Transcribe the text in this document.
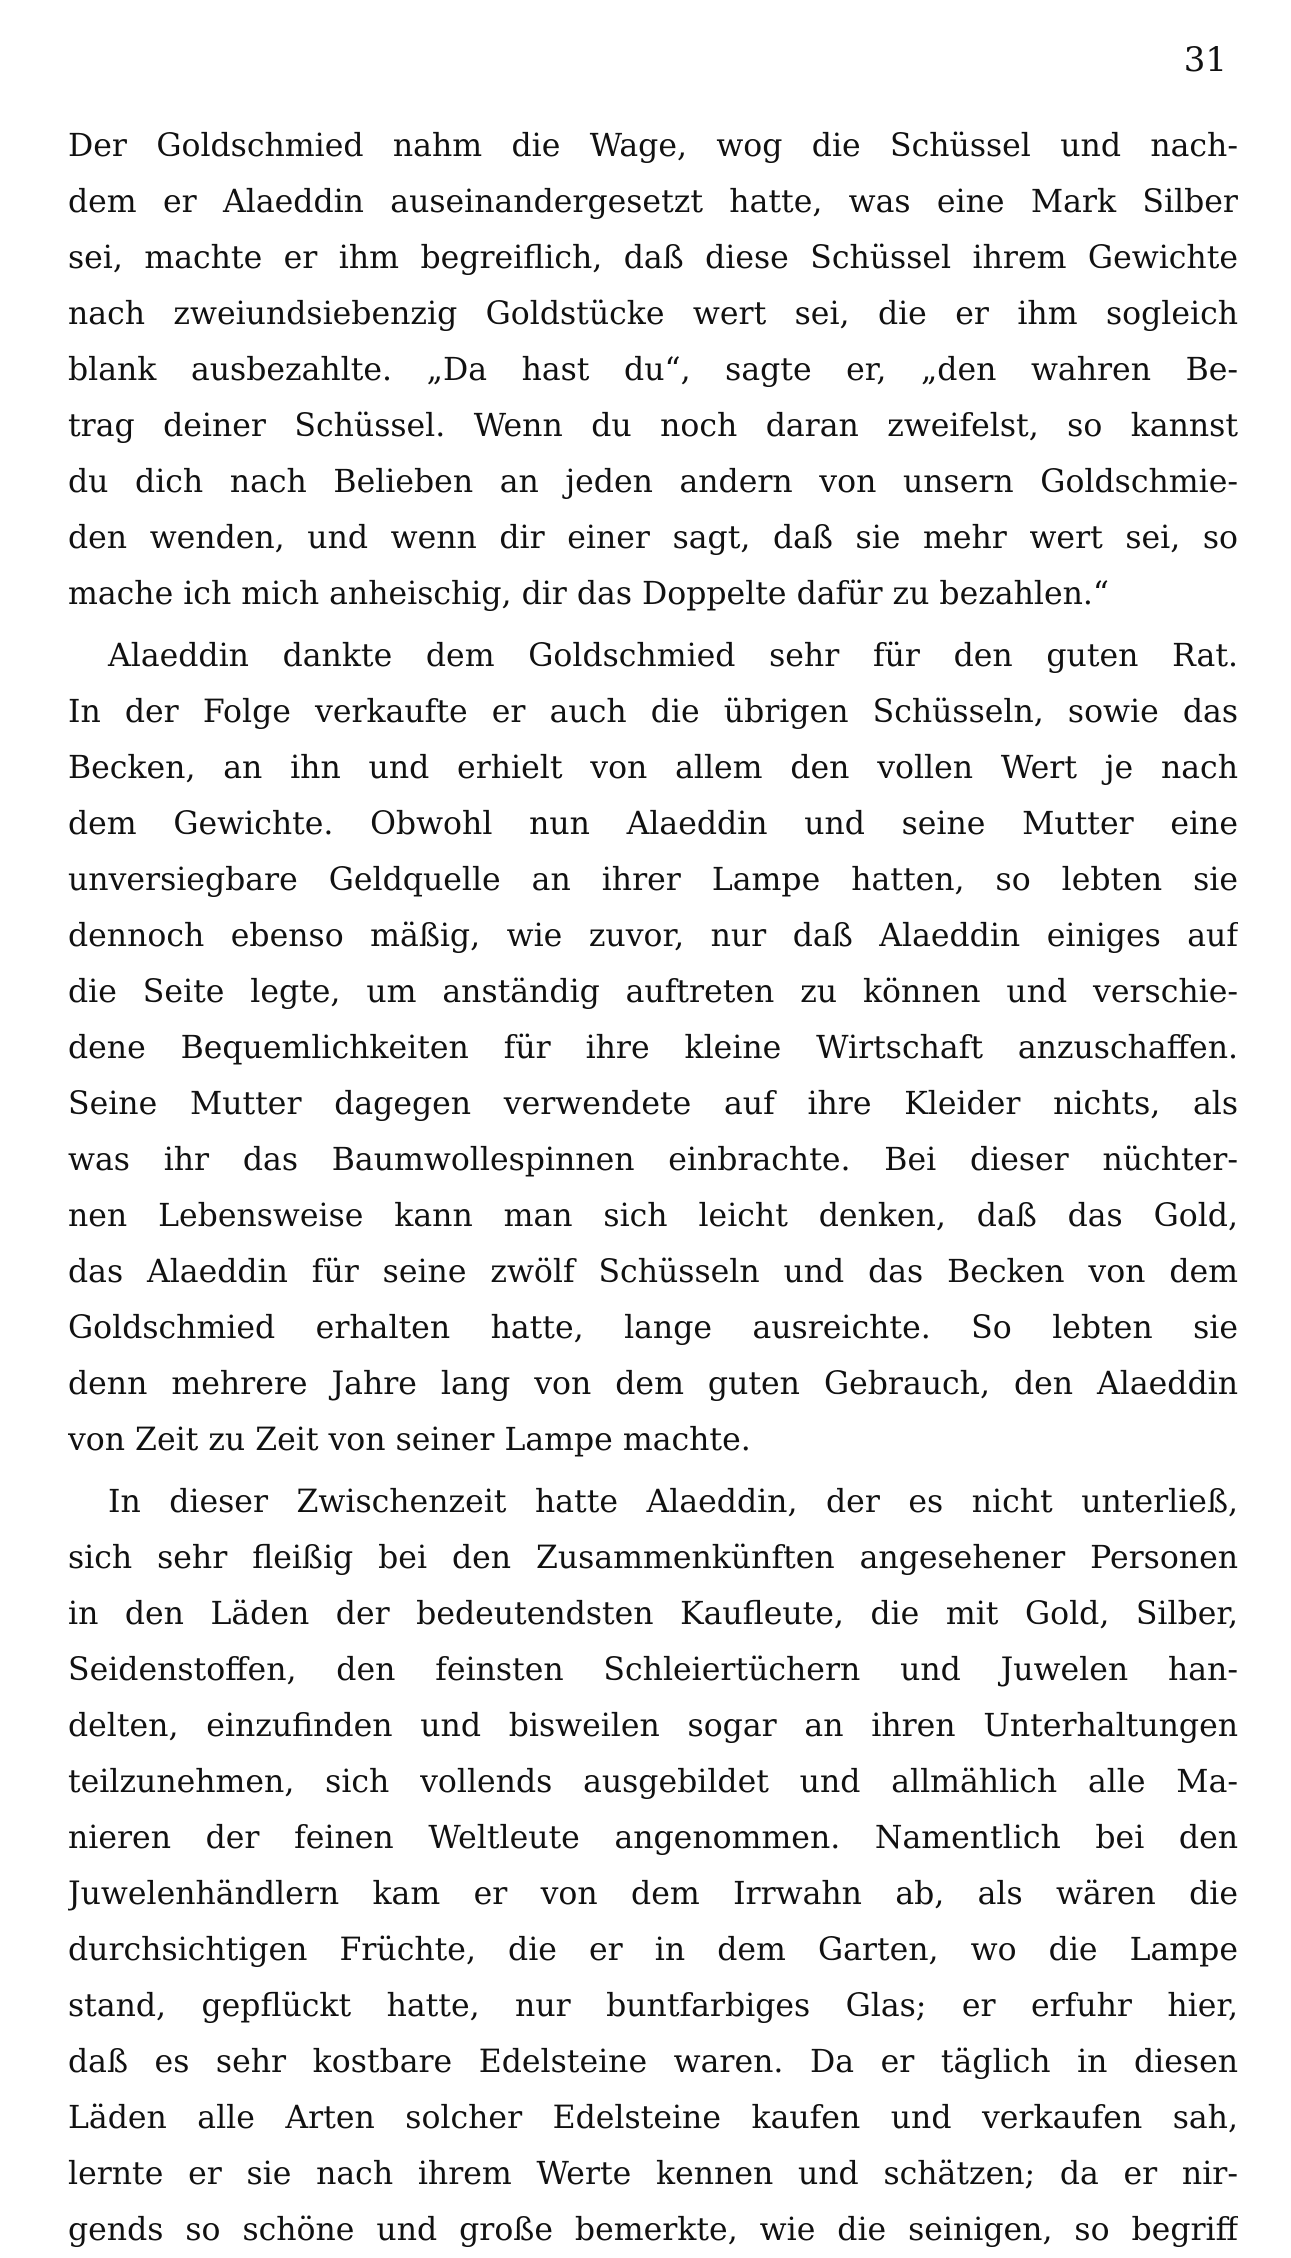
31
Der Goldschmied nahm die Wage, wog die Schüssel und nach-
dem er Alaeddin auseinandergesetzt hatte, was eine Mark Silber
sei, machte er ihm begreiflich, daß diese Schüssel ihrem Gewichte
nach zweiundsiebenzig Goldstücke wert sei, die er ihm sogleich
blank ausbezahlte. „Da hast du“, sagte er, „den wahren Be-
trag deiner Schüssel. Wenn du noch daran zweifelst, so kannst
du dich nach Belieben an jeden andern von unsern Goldschmie-
den wenden, und wenn dir einer sagt, daß sie mehr wert sei, so
mache ich mich anheischig, dir das Doppelte dafür zu bezahlen.“
Alaeddin dankte dem Goldschmied sehr für den guten Rat.
In der Folge verkaufte er auch die übrigen Schüsseln, sowie das
Becken, an ihn und erhielt von allem den vollen Wert je nach
dem Gewichte. Obwohl nun Alaeddin und seine Mutter eine
unversiegbare Geldquelle an ihrer Lampe hatten, so lebten sie
dennoch ebenso mäßig, wie zuvor, nur daß Alaeddin einiges auf
die Seite legte, um anständig auftreten zu können und verschie-
dene Bequemlichkeiten für ihre kleine Wirtschaft anzuschaffen.
Seine Mutter dagegen verwendete auf ihre Kleider nichts, als
was ihr das Baumwollespinnen einbrachte. Bei dieser nüchter-
nen Lebensweise kann man sich leicht denken, daß das Gold,
das Alaeddin für seine zwölf Schüsseln und das Becken von dem
Goldschmied erhalten hatte, lange ausreichte. So lebten sie
denn mehrere Jahre lang von dem guten Gebrauch, den Alaeddin
von Zeit zu Zeit von seiner Lampe machte.
In dieser Zwischenzeit hatte Alaeddin, der es nicht unterließ,
sich sehr fleißig bei den Zusammenkünften angesehener Personen
in den Läden der bedeutendsten Kaufleute, die mit Gold, Silber,
Seidenstoffen, den feinsten Schleiertüchern und Juwelen han-
delten, einzufinden und bisweilen sogar an ihren Unterhaltungen
teilzunehmen, sich vollends ausgebildet und allmählich alle Ma-
nieren der feinen Weltleute angenommen. Namentlich bei den
Juwelenhändlern kam er von dem Irrwahn ab, als wären die
durchsichtigen Früchte, die er in dem Garten, wo die Lampe
stand, gepflückt hatte, nur buntfarbiges Glas; er erfuhr hier,
daß es sehr kostbare Edelsteine waren. Da er täglich in diesen
Läden alle Arten solcher Edelsteine kaufen und verkaufen sah,
lernte er sie nach ihrem Werte kennen und schätzen; da er nir-
gends so schöne und große bemerkte, wie die seinigen, so begriff
